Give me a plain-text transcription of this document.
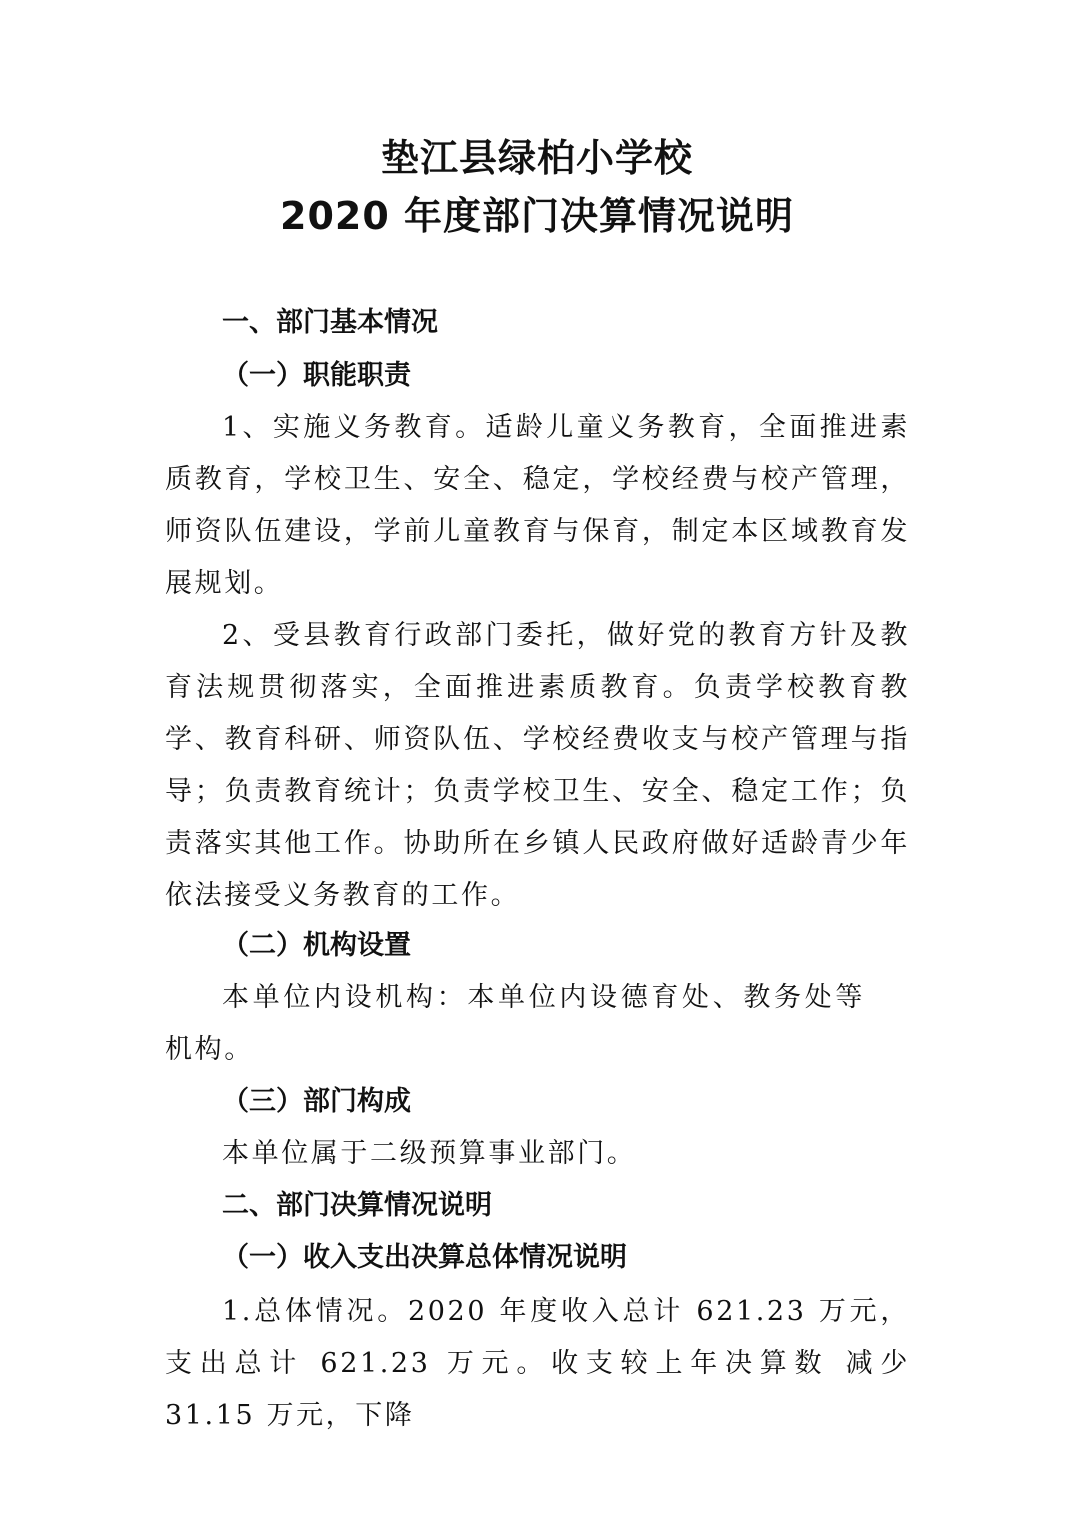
垫江县绿柏小学校
2020 年度部门决算情况说明
一、部门基本情况
（一）职能职责

1、实施义务教育。适龄儿童义务教育，全面推进素质教育，学校卫生、安全、稳定，学校经费与校产管理，师资队伍建设，学前儿童教育与保育，制定本区域教育发展规划。

2、受县教育行政部门委托，做好党的教育方针及教育法规贯彻落实，全面推进素质教育。负责学校教育教学、教育科研、师资队伍、学校经费收支与校产管理与指导；负责教育统计；负责学校卫生、安全、稳定工作；负责落实其他工作。协助所在乡镇人民政府做好适龄青少年依法接受义务教育的工作。

（二）机构设置

本单位内设机构：本单位内设德育处、教务处等机构。

（三）部门构成

本单位属于二级预算事业部门。

二、部门决算情况说明
（一）收入支出决算总体情况说明

1.总体情况。2020 年度收入总计 621.23 万元，支出总计 621.23 万元。收支较上年决算数 减少 31.15 万元，下降
